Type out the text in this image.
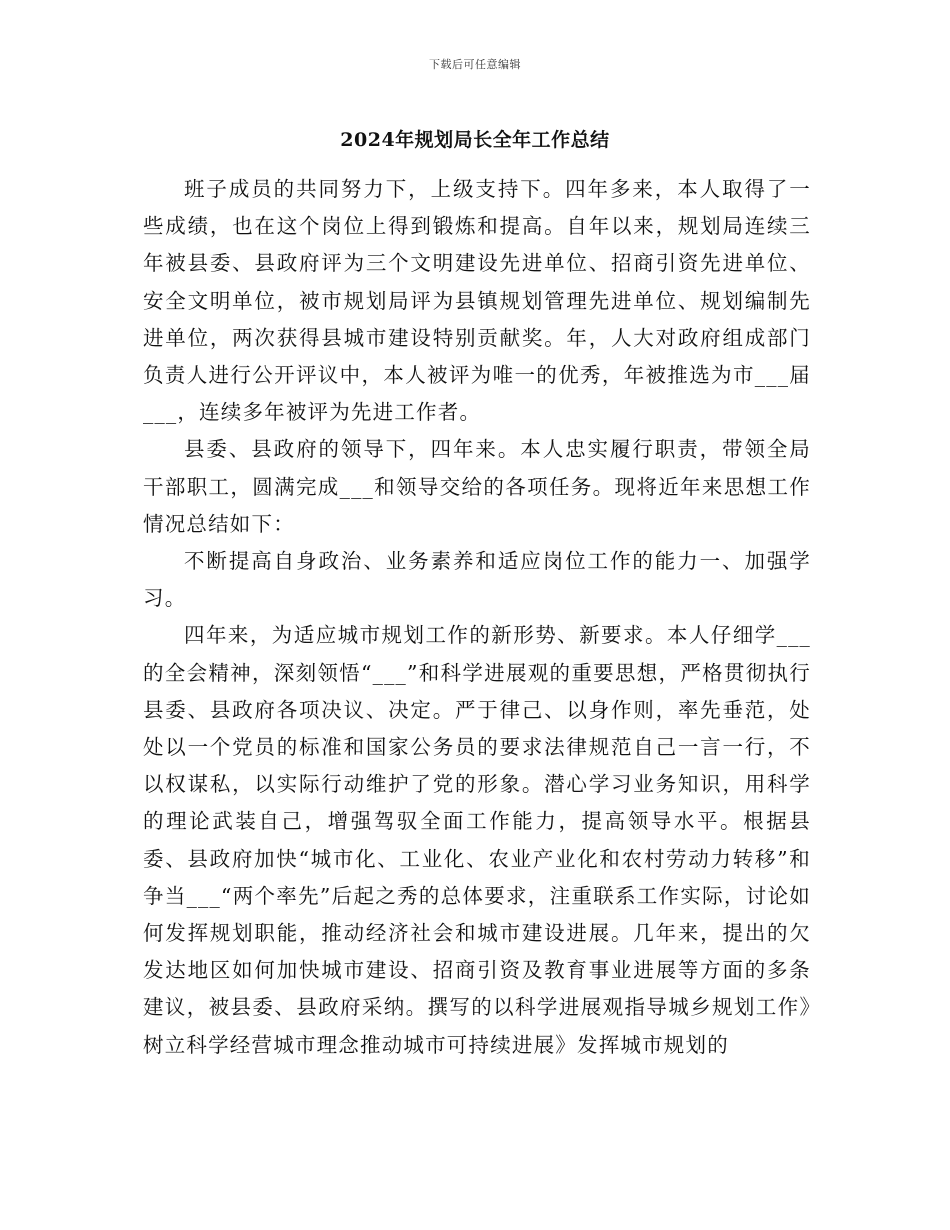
下载后可任意编辑
2024年规划局长全年工作总结

班子成员的共同努力下，上级支持下。四年多来，本人取得了一些成绩，也在这个岗位上得到锻炼和提高。自年以来，规划局连续三年被县委、县政府评为三个文明建设先进单位、招商引资先进单位、安全文明单位，被市规划局评为县镇规划管理先进单位、规划编制先进单位，两次获得县城市建设特别贡献奖。年，人大对政府组成部门负责人进行公开评议中，本人被评为唯一的优秀，年被推选为市___届___，连续多年被评为先进工作者。

县委、县政府的领导下，四年来。本人忠实履行职责，带领全局干部职工，圆满完成___和领导交给的各项任务。现将近年来思想工作情况总结如下：

不断提高自身政治、业务素养和适应岗位工作的能力一、加强学习。

四年来，为适应城市规划工作的新形势、新要求。本人仔细学___的全会精神，深刻领悟“___”和科学进展观的重要思想，严格贯彻执行县委、县政府各项决议、决定。严于律己、以身作则，率先垂范，处处以一个党员的标准和国家公务员的要求法律规范自己一言一行，不以权谋私，以实际行动维护了党的形象。潜心学习业务知识，用科学的理论武装自己，增强驾驭全面工作能力，提高领导水平。根据县委、县政府加快“城市化、工业化、农业产业化和农村劳动力转移”和争当___“两个率先”后起之秀的总体要求，注重联系工作实际，讨论如何发挥规划职能，推动经济社会和城市建设进展。几年来，提出的欠发达地区如何加快城市建设、招商引资及教育事业进展等方面的多条建议，被县委、县政府采纳。撰写的以科学进展观指导城乡规划工作》树立科学经营城市理念推动城市可持续进展》发挥城市规划的
